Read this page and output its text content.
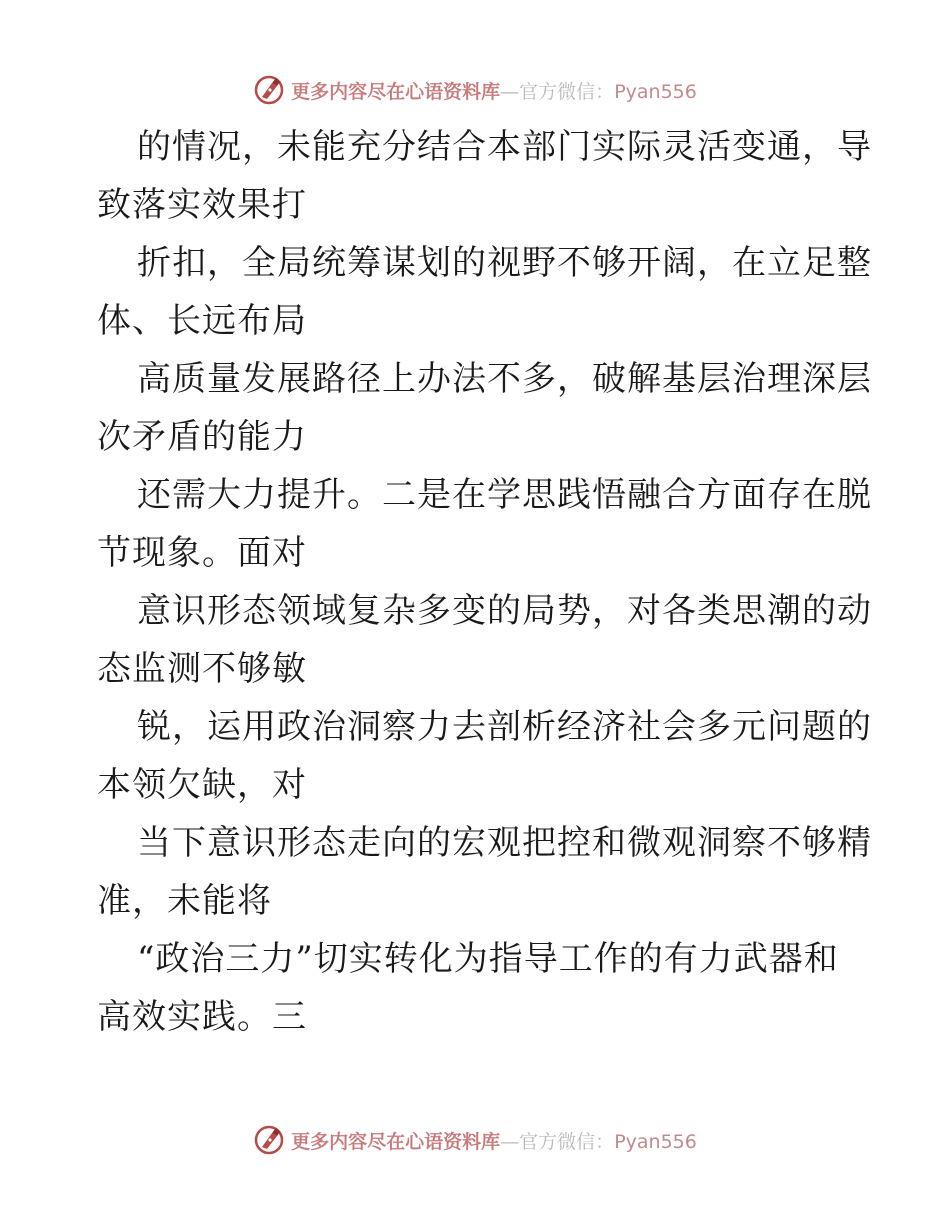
更多内容尽在心语资料库—官方微信：Pyan556
的情况，未能充分结合本部门实际灵活变通，导
致落实效果打
折扣，全局统筹谋划的视野不够开阔，在立足整
体、长远布局
高质量发展路径上办法不多，破解基层治理深层
次矛盾的能力
还需大力提升。二是在学思践悟融合方面存在脱
节现象。面对
意识形态领域复杂多变的局势，对各类思潮的动
态监测不够敏
锐，运用政治洞察力去剖析经济社会多元问题的
本领欠缺，对
当下意识形态走向的宏观把控和微观洞察不够精
准，未能将
“政治三力”切实转化为指导工作的有力武器和
高效实践。三
更多内容尽在心语资料库—官方微信：Pyan556
